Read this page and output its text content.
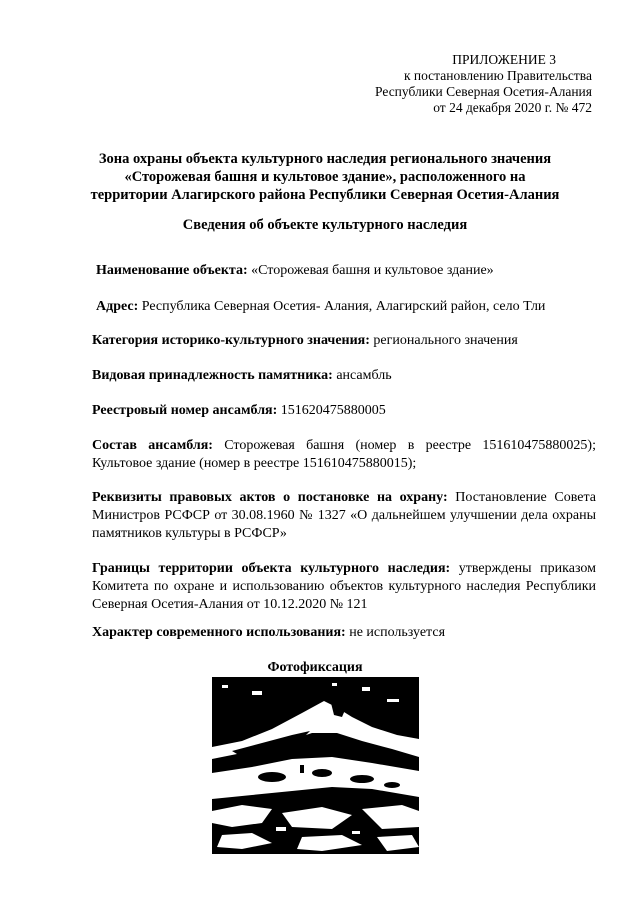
ПРИЛОЖЕНИЕ 3
к постановлению Правительства
Республики Северная Осетия-Алания
от 24 декабря 2020 г. № 472
Зона охраны объекта культурного наследия регионального значения
«Сторожевая башня и культовое здание», расположенного на
территории Алагирского района Республики Северная Осетия-Алания
Сведения об объекте культурного наследия
Наименование объекта: «Сторожевая башня и культовое здание»
Адрес: Республика Северная Осетия- Алания, Алагирский район, село Тли
Категория историко-культурного значения: регионального значения
Видовая принадлежность памятника: ансамбль
Реестровый номер ансамбля: 151620475880005
Состав ансамбля: Сторожевая башня (номер в реестре 151610475880025); Культовое здание (номер в реестре 151610475880015);
Реквизиты правовых актов о постановке на охрану: Постановление Совета Министров РСФСР от 30.08.1960 № 1327 «О дальнейшем улучшении дела охраны памятников культуры в РСФСР»
Границы территории объекта культурного наследия: утверждены приказом Комитета по охране и использованию объектов культурного наследия Республики Северная Осетия-Алания от 10.12.2020 № 121
Характер современного использования: не используется
Фотофиксация
